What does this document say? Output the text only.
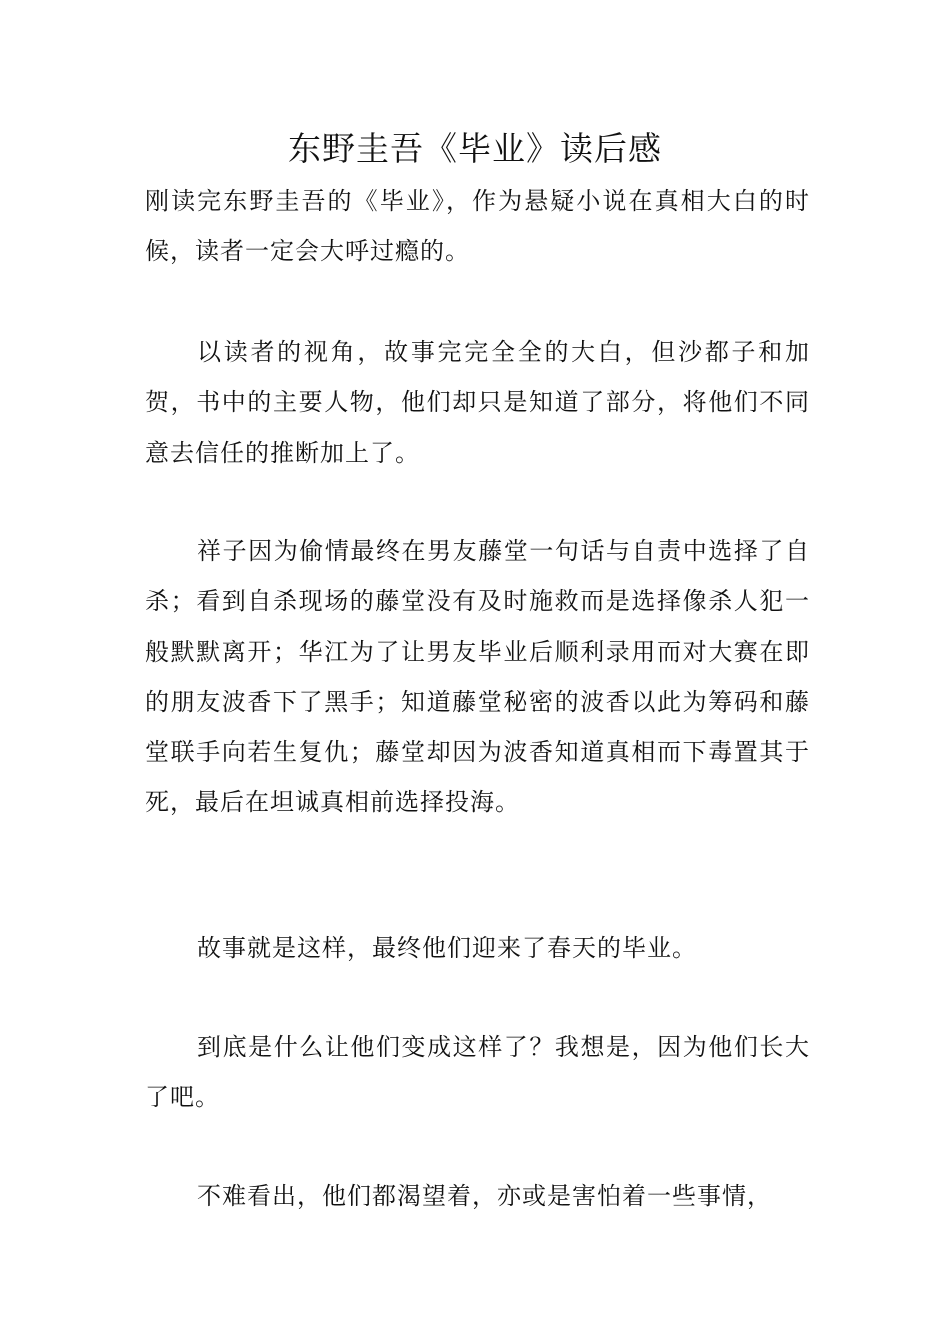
东野圭吾《毕业》读后感

刚读完东野圭吾的《毕业》，作为悬疑小说在真相大白的时候，读者一定会大呼过瘾的。

以读者的视角，故事完完全全的大白，但沙都子和加贺，书中的主要人物，他们却只是知道了部分，将他们不同意去信任的推断加上了。

祥子因为偷情最终在男友藤堂一句话与自责中选择了自杀；看到自杀现场的藤堂没有及时施救而是选择像杀人犯一般默默离开；华江为了让男友毕业后顺利录用而对大赛在即的朋友波香下了黑手；知道藤堂秘密的波香以此为筹码和藤堂联手向若生复仇；藤堂却因为波香知道真相而下毒置其于死，最后在坦诚真相前选择投海。

故事就是这样，最终他们迎来了春天的毕业。

到底是什么让他们变成这样了？我想是，因为他们长大了吧。

不难看出，他们都渴望着，亦或是害怕着一些事情，
